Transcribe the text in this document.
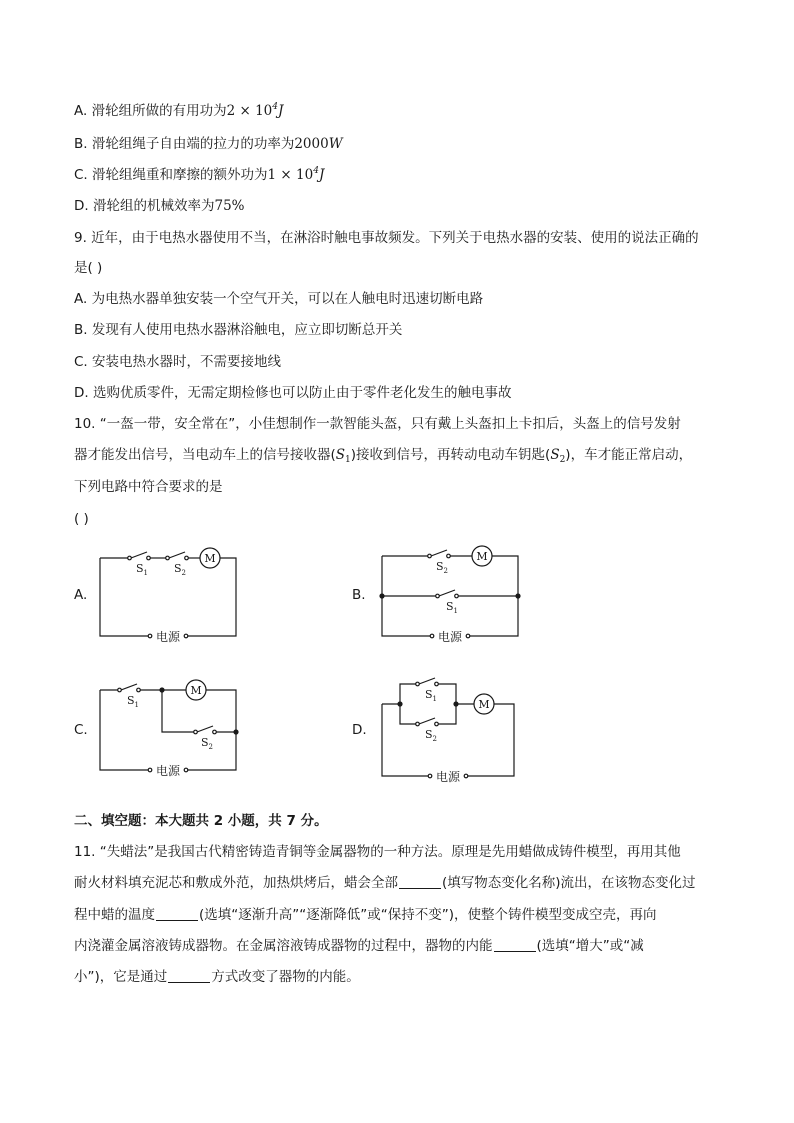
A. 滑轮组所做的有用功为$2 \times 10^4J$
B. 滑轮组绳子自由端的拉力的功率为2000W
C. 滑轮组绳重和摩擦的额外功为$1 \times 10^4J$
D. 滑轮组的机械效率为75%
9. 近年，由于电热水器使用不当，在淋浴时触电事故频发。下列关于电热水器的安装、使用的说法正确的
是( )
A. 为电热水器单独安装一个空气开关，可以在人触电时迅速切断电路
B. 发现有人使用电热水器淋浴触电，应立即切断总开关
C. 安装电热水器时，不需要接地线
D. 选购优质零件，无需定期检修也可以防止由于零件老化发生的触电事故
10. “一盔一带，安全常在”，小佳想制作一款智能头盔，只有戴上头盔扣上卡扣后，头盔上的信号发射
器才能发出信号，当电动车上的信号接收器$(S_1)$接收到信号，再转动电动车钥匙$(S_2)$，车才能正常启动，
下列电路中符合要求的是
( )
A.	B.
C.	D.
M
$S_1$ $S_2$
电源
M
$S_2$
$S_1$
电源
M
$S_1$
$S_2$
电源
M
$S_1$
$S_2$
电源
二、填空题：本大题共 2 小题，共 7 分。
11. “失蜡法”是我国古代精密铸造青铜等金属器物的一种方法。原理是先用蜡做成铸件模型，再用其他
耐火材料填充泥芯和敷成外范，加热烘烤后，蜡会全部	(填写物态变化名称)流出，在该物态变化过
程中蜡的温度	(选填“逐渐升高”“逐渐降低”或“保持不变”)，使整个铸件模型变成空壳，再向
内浇灌金属溶液铸成器物。在金属溶液铸成器物的过程中，器物的内能	(选填“增大”或“减
小”)，它是通过	方式改变了器物的内能。
